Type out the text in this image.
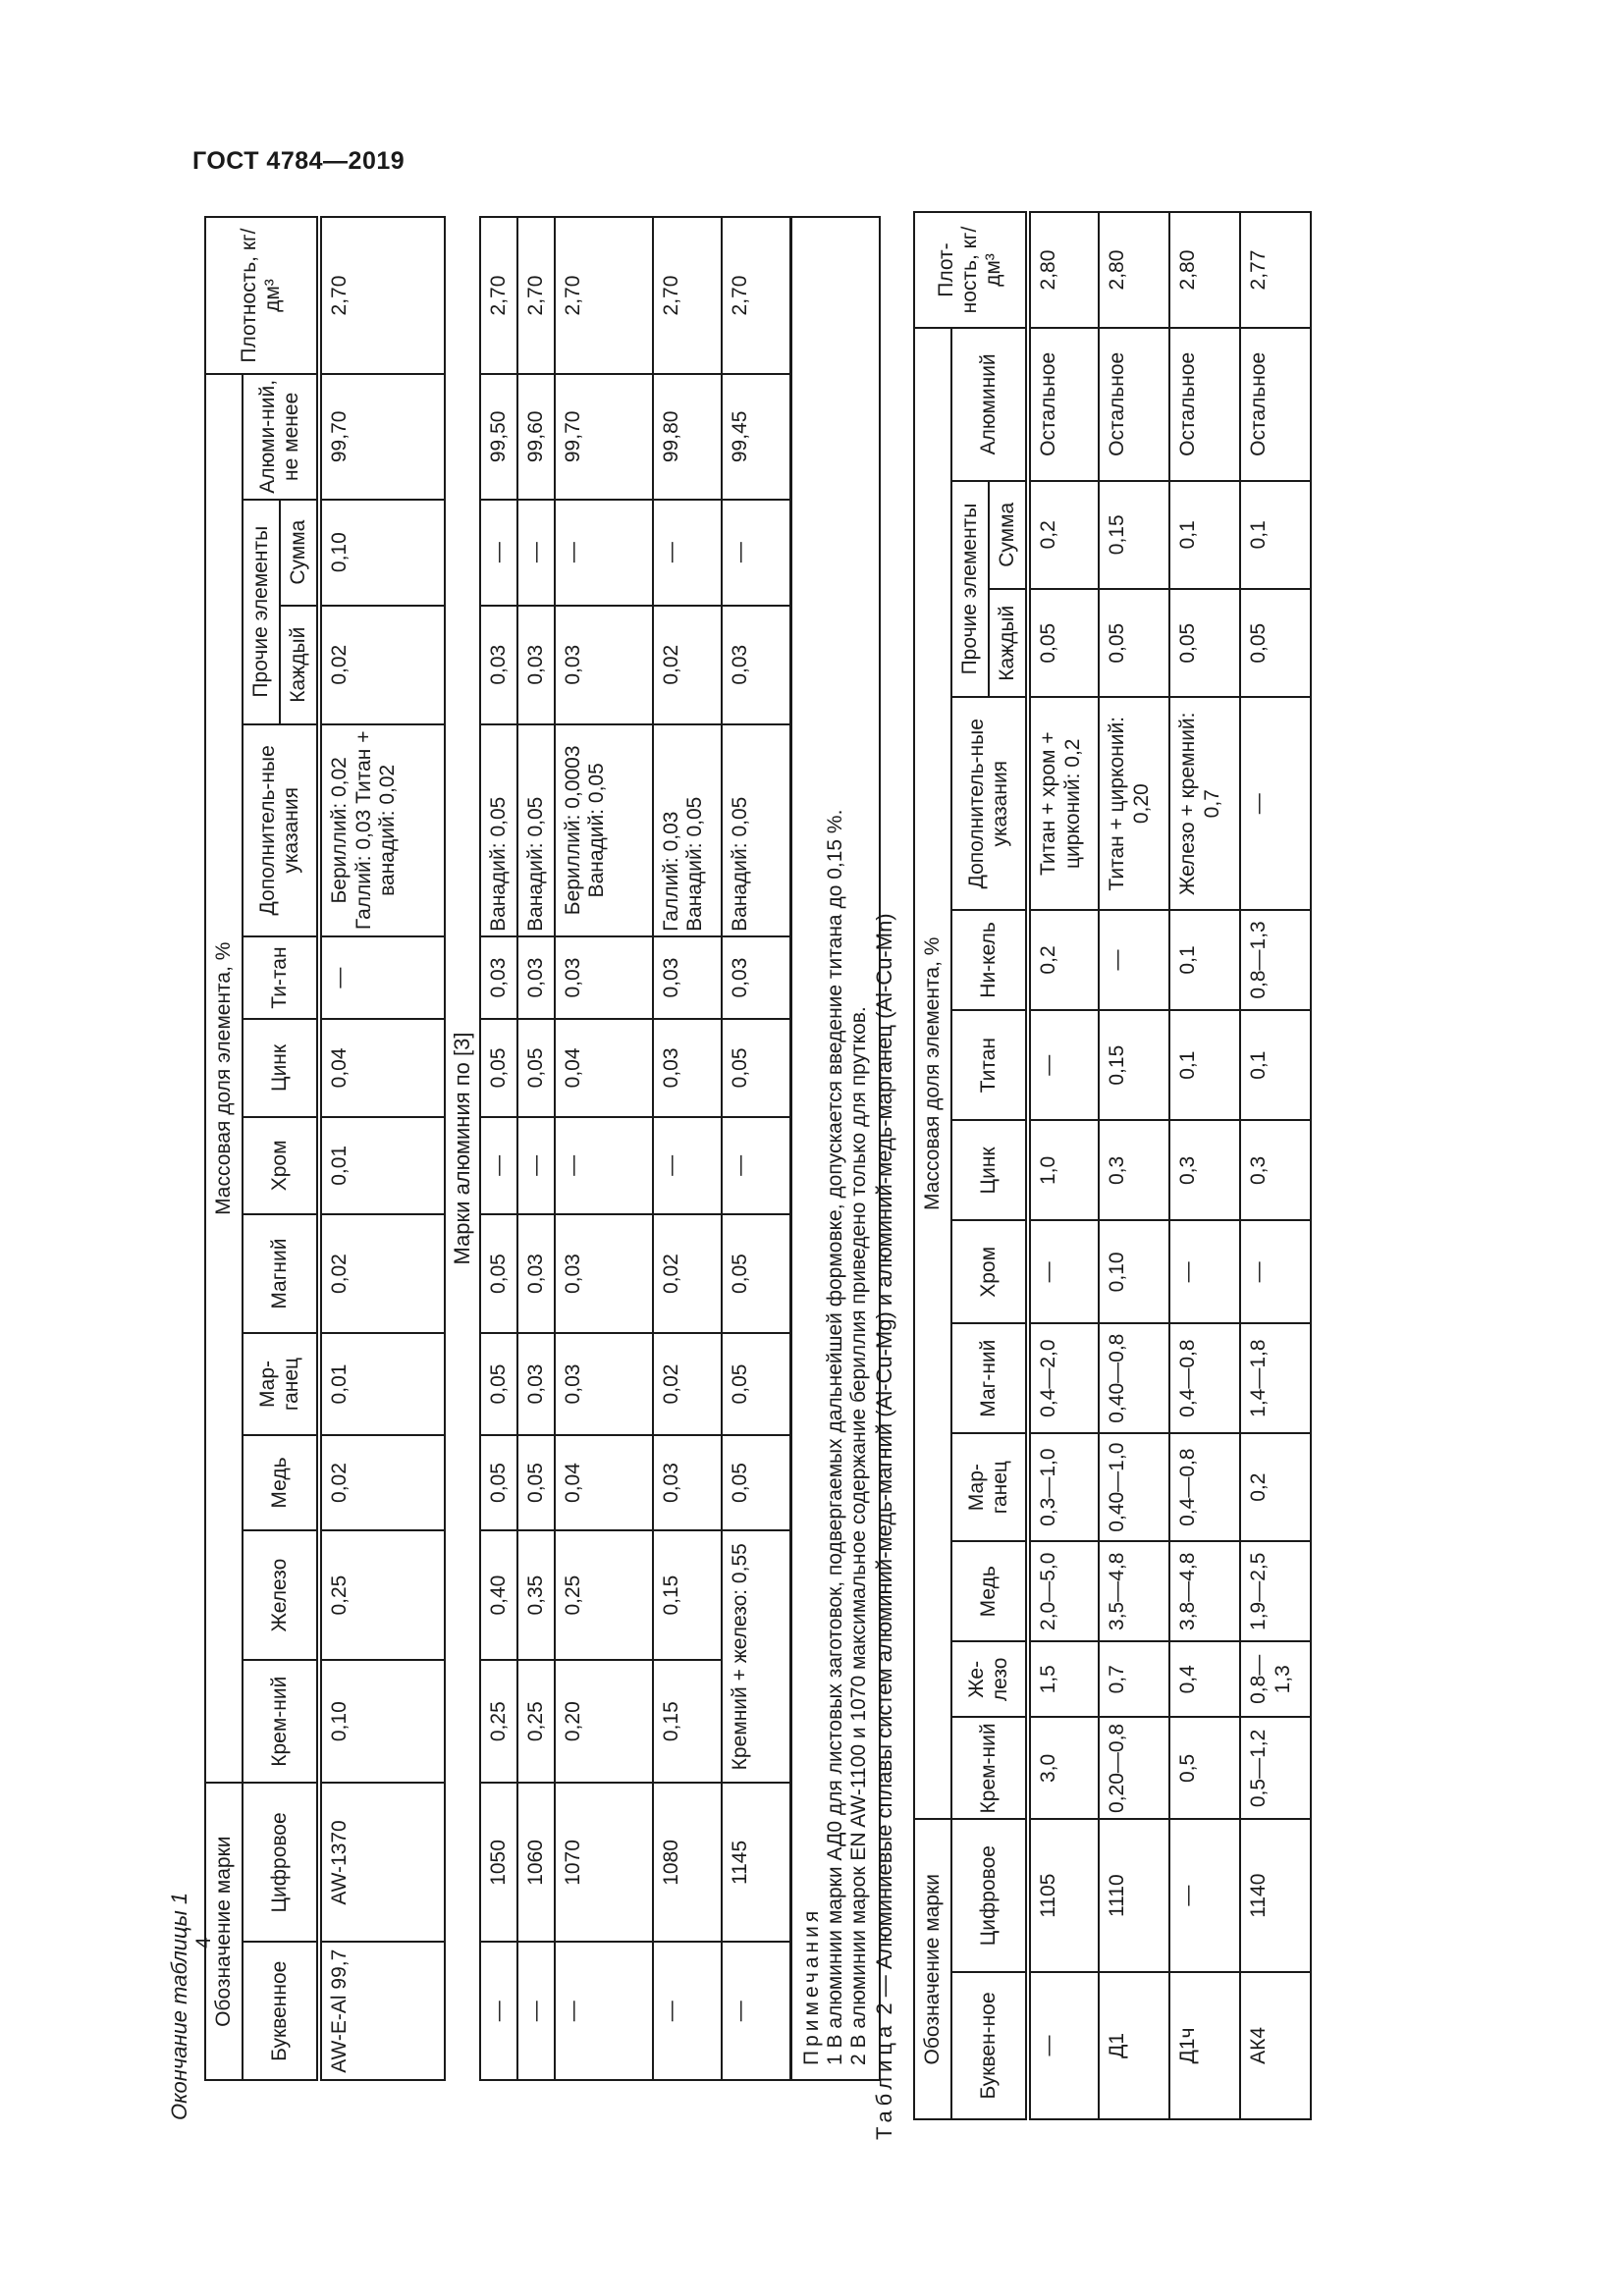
ГОСТ 4784—2019
4
Окончание таблицы 1 Обозначение марки		Массовая доля элемента, %												Плотность, кг/дм³
Буквенное	Цифровое	Крем-ний	Железо	Медь	Мар-ганец	Магний	Хром	Цинк	Ти-тан	Дополнитель-ные указания	Прочие элементы		Алюми-ний, не менее	
											Каждый	Сумма		
AW-E-Al 99,7	AW-1370	0,10	0,25	0,02	0,01	0,02	0,01	0,04	—	Бериллий: 0,02 Галлий: 0,03 Титан + ванадий: 0,02	0,02	0,10	99,70	2,70
Марки алюминия по [3]														
—	1050	0,25	0,40	0,05	0,05	0,05	—	0,05	0,03	Ванадий: 0,05	0,03	—	99,50	2,70
—	1060	0,25	0,35	0,05	0,03	0,03	—	0,05	0,03	Ванадий: 0,05	0,03	—	99,60	2,70
—	1070	0,20	0,25	0,04	0,03	0,03	—	0,04	0,03	Бериллий: 0,0003 Ванадий: 0,05	0,03	—	99,70	2,70
—	1080	0,15	0,15	0,03	0,02	0,02	—	0,03	0,03	Галлий: 0,03 Ванадий: 0,05	0,02	—	99,80	2,70
—	1145	Кремний + железо: 0,55		0,05	0,05	0,05	—	0,05	0,03	Ванадий: 0,05	0,03	—	99,45	2,70

Примечания 1 В алюминии марки АД0 для листовых заготовок, подвергаемых дальнейшей формовке, допускается введение титана до 0,15 %. 2 В алюминии марок EN AW-1100 и 1070 максимальное содержание бериллия приведено только для прутков.														
Таблица 2 — Алюминиевые сплавы систем алюминий-медь-магний (Al-Cu-Mg) и алюминий-медь-марганец (Al-Cu-Mn) Обозначение марки		Массовая доля элемента, %													Плот-ность, кг/дм³
Буквен-ное	Цифровое	Крем-ний	Же-лезо	Медь	Мар-ганец	Маг-ний	Хром	Цинк	Титан	Ни-кель	Дополнитель-ные указания	Прочие элементы		Алюминий	
												Каждый	Сумма		
—	1105	3,0	1,5	2,0—5,0	0,3—1,0	0,4—2,0	—	1,0	—	0,2	Титан + хром + цирконий: 0,2	0,05	0,2	Остальное	2,80
Д1	1110	0,20—0,8	0,7	3,5—4,8	0,40—1,0	0,40—0,8	0,10	0,3	0,15	—	Титан + цирконий: 0,20	0,05	0,15	Остальное	2,80
Д1ч	—	0,5	0,4	3,8—4,8	0,4—0,8	0,4—0,8	—	0,3	0,1	0,1	Железо + кремний: 0,7	0,05	0,1	Остальное	2,80
АК4	1140	0,5—1,2	0,8—1,3	1,9—2,5	0,2	1,4—1,8	—	0,3	0,1	0,8—1,3	—	0,05	0,1	Остальное	2,77
